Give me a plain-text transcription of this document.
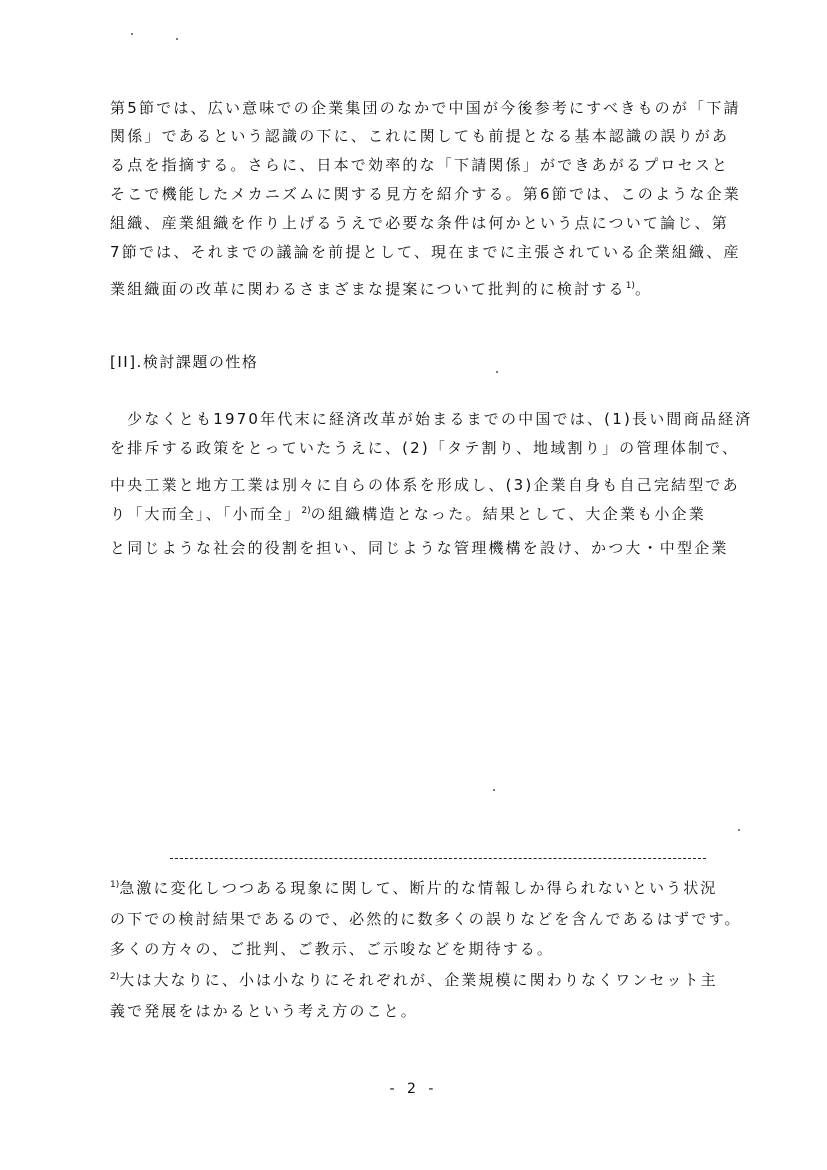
第5節では、広い意味での企業集団のなかで中国が今後参考にすべきものが「下請
関係」であるという認識の下に、これに関しても前提となる基本認識の誤りがあ
る点を指摘する。さらに、日本で効率的な「下請関係」ができあがるプロセスと
そこで機能したメカニズムに関する見方を紹介する。第6節では、このような企業
組織、産業組織を作り上げるうえで必要な条件は何かという点について論じ、第
7節では、それまでの議論を前提として、現在までに主張されている企業組織、産
業組織面の改革に関わるさまざまな提案について批判的に検討する$^{1)}$。
[II].検討課題の性格
　少なくとも1970年代末に経済改革が始まるまでの中国では、(1)長い間商品経済
を排斥する政策をとっていたうえに、(2)「タテ割り、地域割り」の管理体制で、
中央工業と地方工業は別々に自らの体系を形成し、(3)企業自身も自己完結型であ
り「大而全」、「小而全」$^{2)}$の組織構造となった。結果として、大企業も小企業
と同じような社会的役割を担い、同じような管理機構を設け、かつ大・中型企業
$^{1)}$急激に変化しつつある現象に関して、断片的な情報しか得られないという状況
の下での検討結果であるので、必然的に数多くの誤りなどを含んであるはずです。
多くの方々の、ご批判、ご教示、ご示唆などを期待する。
$^{2)}$大は大なりに、小は小なりにそれぞれが、企業規模に関わりなくワンセット主
義で発展をはかるという考え方のこと。
- 2 -
